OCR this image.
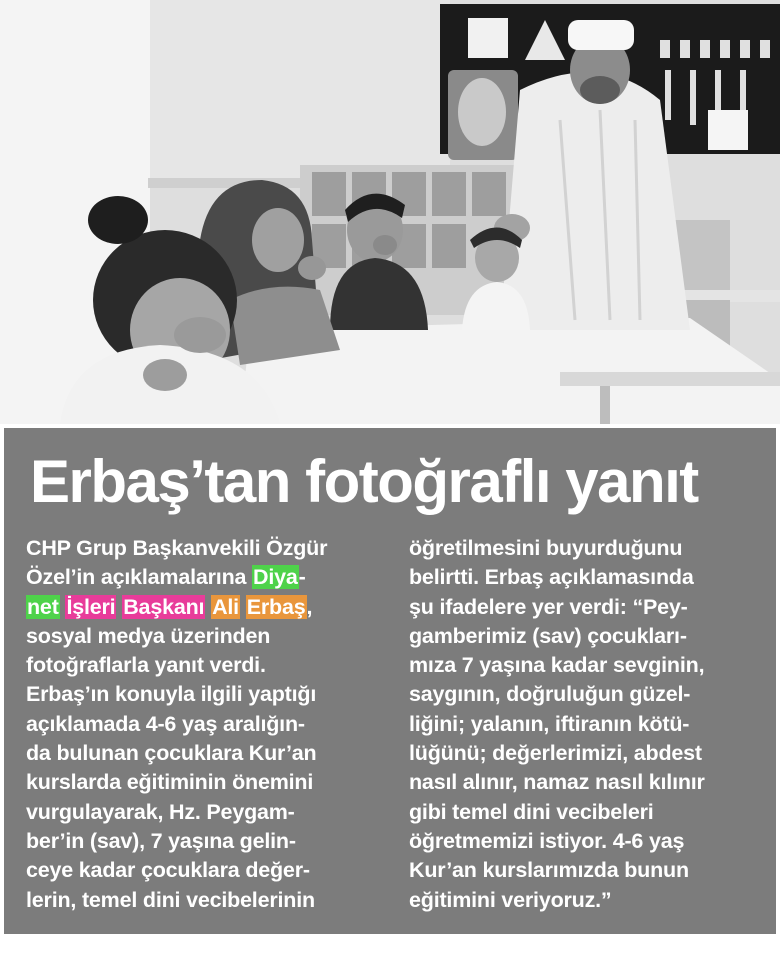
Erbaş’tan fotoğraflı yanıt
CHP Grup Başkanvekili Özgür
Özel’in açıklamalarına Diya-
net İşleri Başkanı Ali Erbaş,
sosyal medya üzerinden
fotoğraflarla yanıt verdi.
Erbaş’ın konuyla ilgili yaptığı
açıklamada 4-6 yaş aralığın-
da bulunan çocuklara Kur’an
kurslarda eğitiminin önemini
vurgulayarak, Hz. Peygam-
ber’in (sav), 7 yaşına gelin-
ceye kadar çocuklara değer-
lerin, temel dini vecibelerinin
öğretilmesini buyurduğunu
belirtti. Erbaş açıklamasında
şu ifadelere yer verdi: “Pey-
gamberimiz (sav) çocukları-
mıza 7 yaşına kadar sevginin,
saygının, doğruluğun güzel-
liğini; yalanın, iftiranın kötü-
lüğünü; değerlerimizi, abdest
nasıl alınır, namaz nasıl kılınır
gibi temel dini vecibeleri
öğretmemizi istiyor. 4-6 yaş
Kur’an kurslarımızda bunun
eğitimini veriyoruz.”
